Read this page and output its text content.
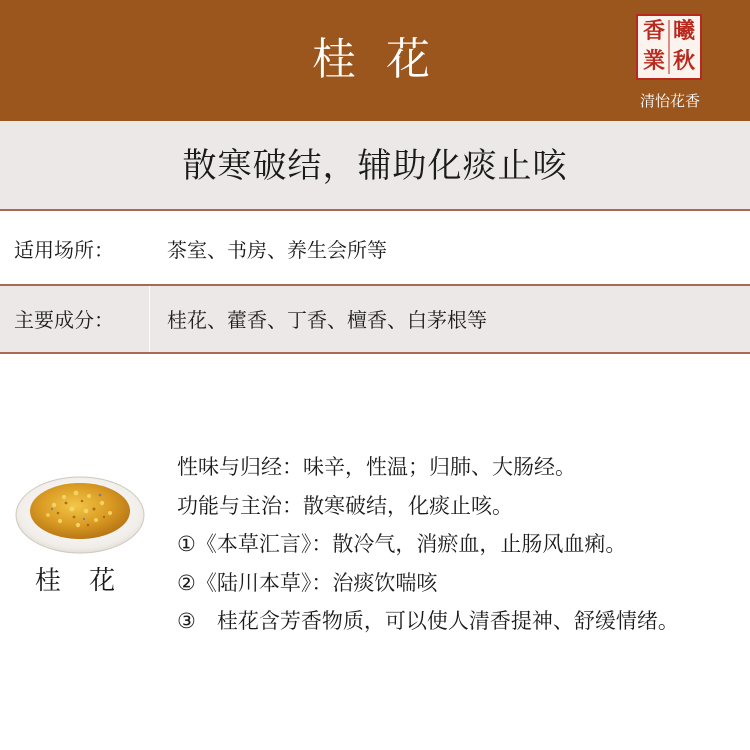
桂 花
曦
秋
香
業
清怡花香
散寒破结，辅助化痰止咳
适用场所：	茶室、书房、养生会所等
主要成分：	桂花、藿香、丁香、檀香、白茅根等
桂 花
性味与归经：味辛，性温；归肺、大肠经。
功能与主治：散寒破结，化痰止咳。
①《本草汇言》：散冷气，消瘀血，止肠风血痢。
②《陆川本草》：治痰饮喘咳
③　桂花含芳香物质，可以使人清香提神、舒缓情绪。
